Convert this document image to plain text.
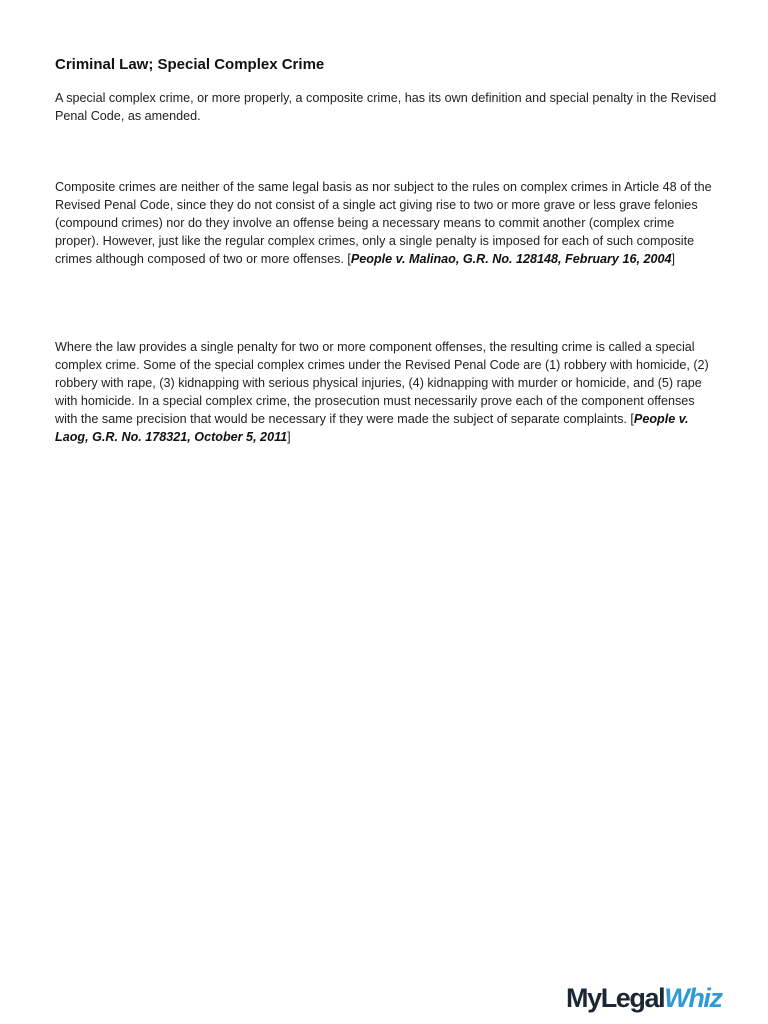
Criminal Law; Special Complex Crime

A special complex crime, or more properly, a composite crime, has its own definition and special penalty in the Revised Penal Code, as amended.

Composite crimes are neither of the same legal basis as nor subject to the rules on complex crimes in Article 48 of the Revised Penal Code, since they do not consist of a single act giving rise to two or more grave or less grave felonies (compound crimes) nor do they involve an offense being a necessary means to commit another (complex crime proper). However, just like the regular complex crimes, only a single penalty is imposed for each of such composite crimes although composed of two or more offenses. [People v. Malinao, G.R. No. 128148, February 16, 2004]

Where the law provides a single penalty for two or more component offenses, the resulting crime is called a special complex crime. Some of the special complex crimes under the Revised Penal Code are (1) robbery with homicide, (2) robbery with rape, (3) kidnapping with serious physical injuries, (4) kidnapping with murder or homicide, and (5) rape with homicide. In a special complex crime, the prosecution must necessarily prove each of the component offenses with the same precision that would be necessary if they were made the subject of separate complaints. [People v. Laog, G.R. No. 178321, October 5, 2011]

MyLegal Whiz
